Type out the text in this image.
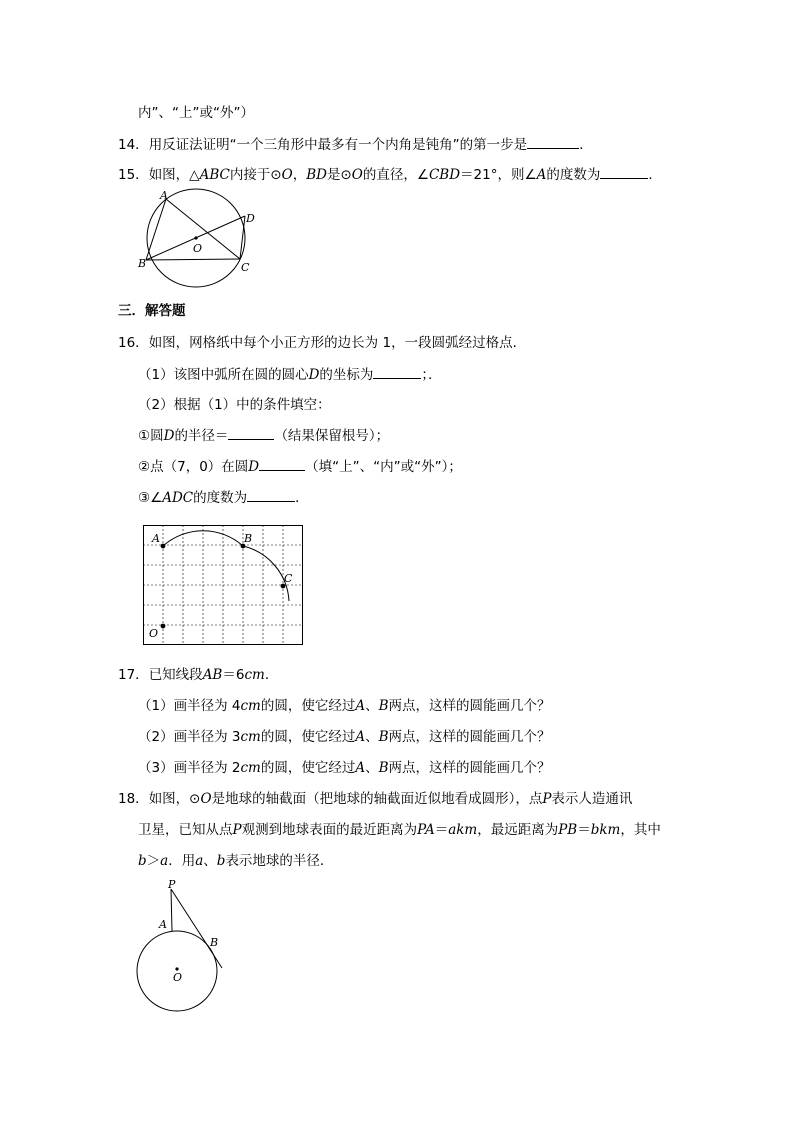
内”、“上”或“外”）
14．用反证法证明“一个三角形中最多有一个内角是钝角”的第一步是	．
15．如图，△ABC内接于⊙O，BD是⊙O的直径，∠CBD＝21°，则∠A的度数为	．
A
B	C
D
O
三．解答题
16．如图，网格纸中每个小正方形的边长为 1，一段圆弧经过格点．
（1）该图中弧所在圆的圆心D的坐标为	；．
（2）根据（1）中的条件填空：
①圆D的半径＝	（结果保留根号）；
②点（7，0）在圆D	（填“上”、“内”或“外”）；
③∠ADC的度数为	．
A	B
C
O
17．已知线段AB＝6cm．
（1）画半径为 4cm的圆，使它经过A、B两点，这样的圆能画几个？
（2）画半径为 3cm的圆，使它经过A、B两点，这样的圆能画几个？
（3）画半径为 2cm的圆，使它经过A、B两点，这样的圆能画几个？
18．如图，⊙O是地球的轴截面（把地球的轴截面近似地看成圆形），点P表示人造通讯
卫星，已知从点P观测到地球表面的最近距离为PA＝akm，最远距离为PB＝bkm，其中
b＞a．用a、b表示地球的半径．
P
A
B
O
